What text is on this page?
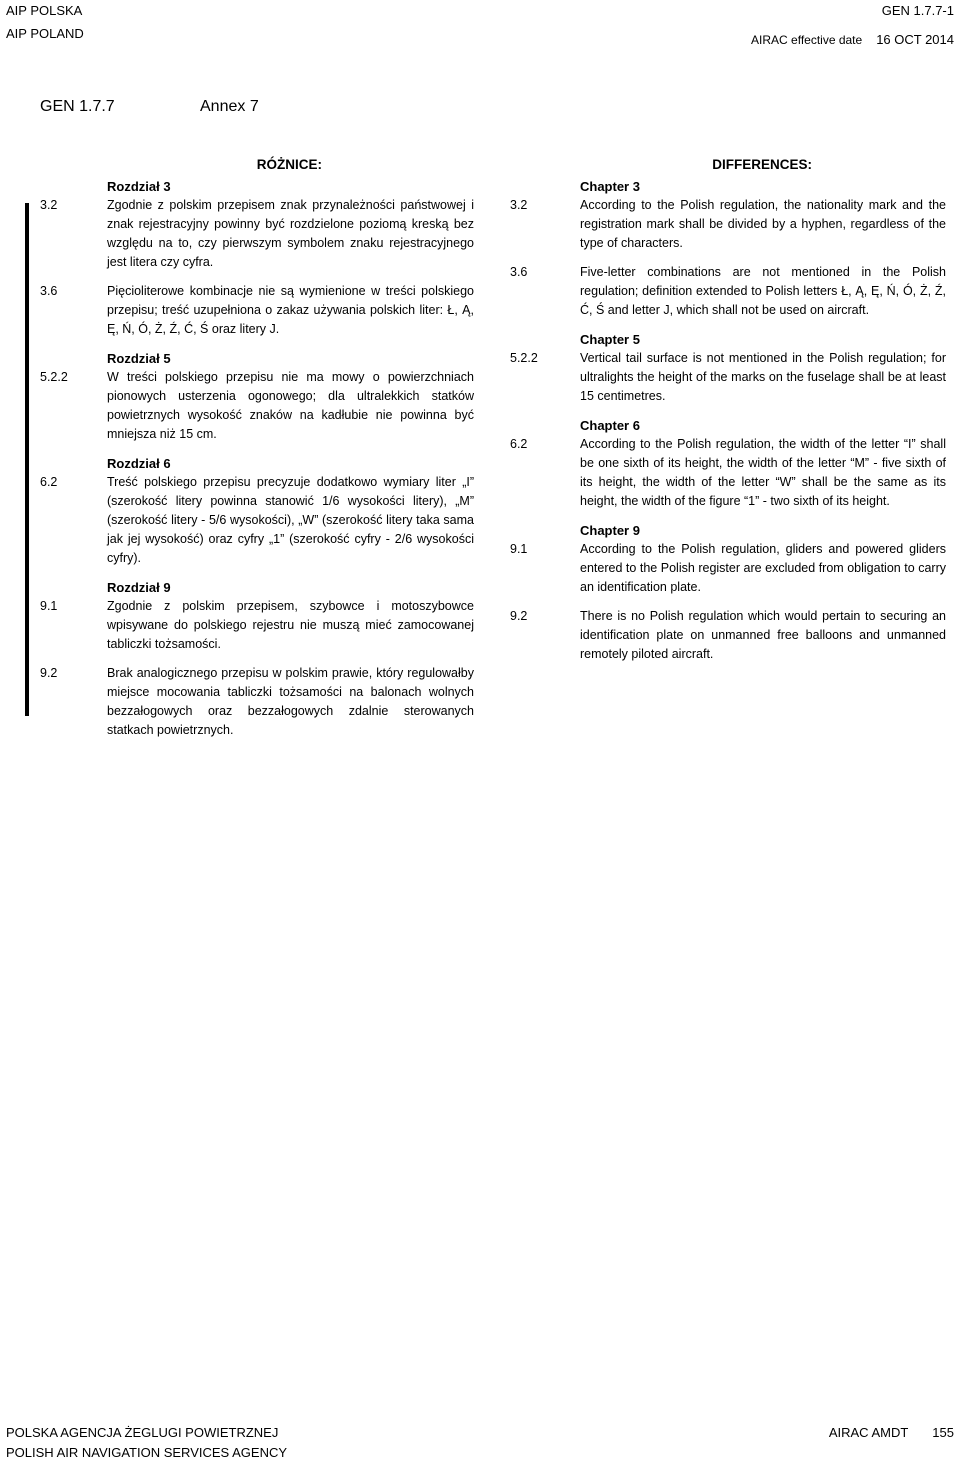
AIP POLSKA
AIP POLAND
GEN 1.7.7-1
AIRAC effective date 16 OCT 2014
GEN 1.7.7	Annex 7
RÓŻNICE:
Rozdział 3
3.2	Zgodnie z polskim przepisem znak przynależności państwowej i znak rejestracyjny powinny być rozdzielone poziomą kreską bez względu na to, czy pierwszym symbolem znaku rejestracyjnego jest litera czy cyfra.
3.6	Pięcioliterowe kombinacje nie są wymienione w treści polskiego przepisu; treść uzupełniona o zakaz używania polskich liter: Ł, Ą, Ę, Ń, Ó, Ż, Ź, Ć, Ś oraz litery J.
Rozdział 5
5.2.2	W treści polskiego przepisu nie ma mowy o powierzchniach pionowych usterzenia ogonowego; dla ultralekkich statków powietrznych wysokość znaków na kadłubie nie powinna być mniejsza niż 15 cm.
Rozdział 6
6.2	Treść polskiego przepisu precyzuje dodatkowo wymiary liter „I” (szerokość litery powinna stanowić 1/6 wysokości litery), „M” (szerokość litery - 5/6 wysokości), „W” (szerokość litery taka sama jak jej wysokość) oraz cyfry „1” (szerokość cyfry - 2/6 wysokości cyfry).
Rozdział 9
9.1	Zgodnie z polskim przepisem, szybowce i motoszybowce wpisywane do polskiego rejestru nie muszą mieć zamocowanej tabliczki tożsamości.
9.2	Brak analogicznego przepisu w polskim prawie, który regulowałby miejsce mocowania tabliczki tożsamości na balonach wolnych bezzałogowych oraz bezzałogowych zdalnie sterowanych statkach powietrznych.
DIFFERENCES:
Chapter 3
3.2	According to the Polish regulation, the nationality mark and the registration mark shall be divided by a hyphen, regardless of the type of characters.
3.6	Five-letter combinations are not mentioned in the Polish regulation; definition extended to Polish letters Ł, Ą, Ę, Ń, Ó, Ż, Ź, Ć, Ś and letter J, which shall not be used on aircraft.
Chapter 5
5.2.2	Vertical tail surface is not mentioned in the Polish regulation; for ultralights the height of the marks on the fuselage shall be at least 15 centimetres.
Chapter 6
6.2	According to the Polish regulation, the width of the letter “I” shall be one sixth of its height, the width of the letter “M” - five sixth of its height, the width of the letter “W” shall be the same as its height, the width of the figure “1” - two sixth of its height.
Chapter 9
9.1	According to the Polish regulation, gliders and powered gliders entered to the Polish register are excluded from obligation to carry an identification plate.
9.2	There is no Polish regulation which would pertain to securing an identification plate on unmanned free balloons and unmanned remotely piloted aircraft.
POLSKA AGENCJA ŻEGLUGI POWIETRZNEJ
POLISH AIR NAVIGATION SERVICES AGENCY
AIRAC AMDT 155
